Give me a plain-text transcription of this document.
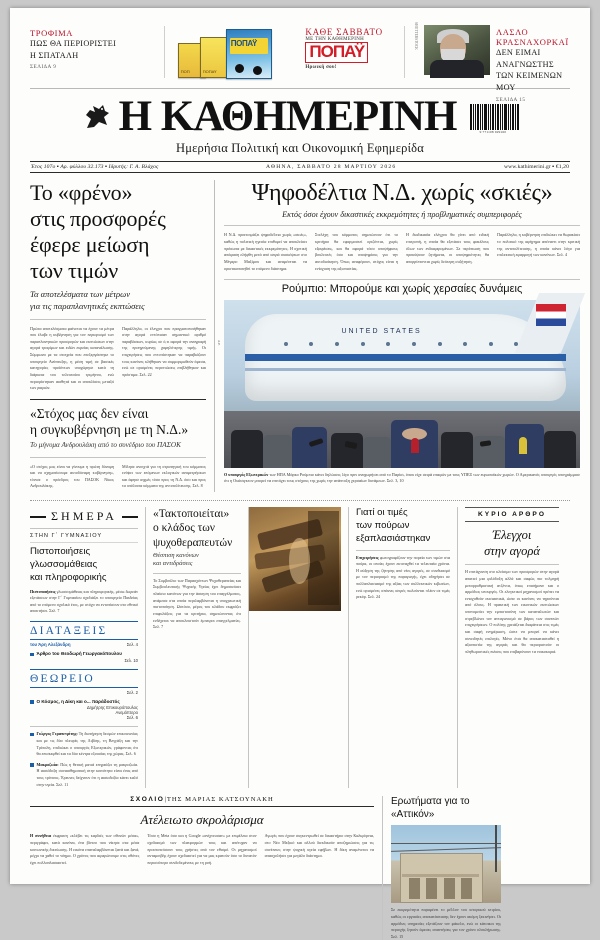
ΤΡΟΦΙΜΑ
ΠΩΣ ΘΑ ΠΕΡΙΟΡΙΣΤΕΙ
Η ΣΠΑΤΑΛΗ
ΣΕΛΙΔΑ 9
ΠΟΠ	ΠΟΠΑΫ
ΠΟΠΑΫ
ΚΑΘΕ ΣΑΒΒΑΤΟ
ΜΕ ΤΗΝ ΚΑΘΗΜΕΡΙΝΗ
ΠΟΠΑΫ
Ηρωική σου!
SHUTTERSTOCK	ΛΑΣΛΟ ΚΡΑΣΝΑΧΟΡΚΑΪ
ΔΕΝ ΕΙΜΑΙ ΑΝΑΓΝΩΣΤΗΣ
ΤΩΝ ΚΕΙΜΕΝΩΝ ΜΟΥ
ΣΕΛΙΔΑ 15
Η ΚΑΘΗΜΕΡΙΝΗ	9 771108 929160
Ημερήσια Πολιτική και Οικονομική Εφημερίδα
Έτος 107ο ▪ Αρ. φύλλου 32.173 ▪ Ιδρυτής: Γ. Α. Βλάχος	ΑΘΗΝΑ, ΣΑΒΒΑΤΟ 28 ΜΑΡΤΙΟΥ 2026	www.kathimerini.gr ▪ €1,20
Το «φρένο»
στις προσφορές
έφερε μείωση
των τιμών
Τα αποτελέσματα των μέτρων
για τις παραπλανητικές εκπτώσεις

Πρώτα αποτελέσματα φαίνεται να έχουν τα μέτρα που έλαβε η κυβέρνηση για τον περιορισμό των παραπλανητικών προσφορών και εκπτώσεων στην αγορά τροφίμων και ειδών ευρείας κατανάλωσης. Σύμφωνα με τα στοιχεία που επεξεργάστηκε το υπουργείο Ανάπτυξης, η μέση τιμή σε βασικές κατηγορίες προϊόντων υποχώρησε κατά τη διάρκεια του τελευταίου τριμήνου, ενώ περιορίστηκαν αισθητά και οι αποκλίσεις μεταξύ των ραφιών.

Παράλληλα, οι έλεγχοι που πραγματοποιήθηκαν στην αγορά εντόπισαν σημαντικό αριθμό παραβάσεων, κυρίως σε ό,τι αφορά την αναγραφή της προηγούμενης χαμηλότερης τιμής. Οι επιχειρήσεις που εντοπίστηκαν να παραβιάζουν τους κανόνες κλήθηκαν να συμμορφωθούν άμεσα, ενώ σε ορισμένες περιπτώσεις επιβλήθηκαν και πρόστιμα. Σελ. 22

«Στόχος μας δεν είναι
η συγκυβέρνηση με τη Ν.Δ.»
Το μήνυμα Ανδρουλάκη από το συνέδριο του ΠΑΣΟΚ

«Ο στόχος μας είναι να γίνουμε η πρώτη δύναμη και να σχηματίσουμε αυτοδύναμη κυβέρνηση», τόνισε ο πρόεδρος του ΠΑΣΟΚ Νίκος Ανδρουλάκης.

Μίλησε ανοιχτά για τη στρατηγική του κόμματος ενόψει των επόμενων εκλογικών αναμετρήσεων και άφησε αιχμές τόσο προς τη Ν.Δ. όσο και προς τα υπόλοιπα κόμματα της αντιπολίτευσης. Σελ. 8

Ψηφοδέλτια Ν.Δ. χωρίς «σκιές»
Εκτός όσοι έχουν δικαστικές εκκρεμότητες ή προβληματικές συμπεριφορές
Η Ν.Δ. προετοιμάζει ψηφοδέλτια χωρίς «σκιές», καθώς η πολιτική ηγεσία επιθυμεί να αποκλείσει πρόσωπα με δικαστικές εκκρεμότητες. Η σχετική απόφαση ελήφθη μετά από σειρά συσκέψεων στο Μέγαρο Μαξίμου και αναμένεται να οριστικοποιηθεί το επόμενο διάστημα.
Στελέχη του κόμματος σημειώνουν ότι το κριτήριο θα εφαρμοστεί οριζόντια, χωρίς εξαιρέσεις, και θα αφορά τόσο υποψήφιους βουλευτές όσο και υποψηφίους για την αυτοδιοίκηση. Όπως αναφέρουν, στόχος είναι η ενίσχυση της αξιοπιστίας.
Η διαδικασία ελέγχου θα γίνει από ειδική επιτροπή, η οποία θα εξετάσει τους φακέλους όλων των ενδιαφερομένων. Σε περίπτωση που προκύψουν ζητήματα, οι υποψηφιότητες θα απορρίπτονται χωρίς δεύτερη συζήτηση.
Παράλληλα, η κυβέρνηση επιδιώκει να θωρακίσει το πολιτικό της αφήγημα απέναντι στην κριτική της αντιπολίτευσης, η οποία κάνει λόγο για επιλεκτική εφαρμογή των κανόνων. Σελ. 4
Ρούμπιο: Μπορούμε και χωρίς χερσαίες δυνάμεις
A.P.
UNITED STATES
Ο υπουργός Εξωτερικών των ΗΠΑ Μάρκο Ρούμπιο κάνει δηλώσεις λίγο πριν αναχωρήσει από το Παρίσι, όπου είχε σειρά επαφών με τους ΥΠΕΞ των ευρωπαϊκών χωρών. Ο Αμερικανός υπουργός υπογράμμισε ότι η Ουάσιγκτον μπορεί να επιτύχει τους στόχους της χωρίς την ανάπτυξη χερσαίων δυνάμεων. Σελ. 3, 10
ΣΗΜΕΡΑ
ΣΤΗΝ Γ΄ ΓΥΜΝΑΣΙΟΥ
Πιστοποιήσεις
γλωσσομάθειας
και πληροφορικής
Πιστοποιήσεις γλωσσομάθειας και πληροφορικής, μέσω δωρεάν εξετάσεων στην Γ΄ Γυμνασίου σχεδιάζει το υπουργείο Παιδείας από το επόμενο σχολικό έτος, με στόχο να εντοπίσουν στο εθνικό αποκτήσει. Σελ. 7
ΔΙΑΤΑΞΕΙΣ
του Άρη Αλεξάνδρη	Σελ. 4
Άρθρο του Θεοδωρή Γεωργακόπουλου
Σελ. 10
ΘΕΩΡΕΙΟ
Σελ. 2
Ο Κόσμος, η Δίκη και ο... παράδοστός
Δημήτρης Επικουρόπουλος
Ανεμόπτερο
Σελ. 6
Γιώργος Γεραπετρίτης: Τη διατήρηση δεσμών επικοινωνίας και με τις δύο πλευρές της Λιβύης, τη Βεγγάζη και την Τρίπολη, επιδιώκει ο υπουργός Εξωτερικών, γράφοντας ότι θα επισκεφθεί και τα δύο κέντρα εξουσίας της χώρας. Σελ. 6
Μακροζωία: Πώς η θετική ματιά επηρεάζει τη μακροζωία. Η αισιόδοξη συναισθηματική στην κοινότητα είναι ένας από τους τρόπους. Έρευνες δείχνουν ότι η αισιοδοξία κάνει καλό στην υγεία. Σελ. 11
«Τακτοποιείται»
ο κλάδος των
ψυχοθεραπευτών
Θέσπιση κανόνων
και αντιδράσεις
Το Συμβούλιο των Παρασχόντων Ψυχοθεραπείας και Συμβουλευτικής Ψυχικής Υγείας έχει δημοσιεύσει πλαίσιο κανόνων για την άσκηση του επαγγέλματος, ανάμεσα στα οποία περιλαμβάνεται η υποχρεωτική πιστοποίηση. Ωστόσο, μέρος του κλάδου εκφράζει επιφυλάξεις για τα κριτήρια, σημειώνοντας ότι ενδέχεται να αποκλειστούν έμπειροι επαγγελματίες. Σελ. 7
Γιατί οι τιμές
των πούρων
εξαπλασιάστηκαν
Επιχειρήσεις φωτογραφίζουν την πορεία των τιμών στα πούρα, οι οποίες έχουν εκτιναχθεί τα τελευταία χρόνια. Η αύξηση της ζήτησης από νέες αγορές, σε συνδυασμό με τον περιορισμό της παραγωγής, έχει οδηγήσει σε πολλαπλασιασμό της αξίας των συλλεκτικών κιβωτίων, ενώ ορισμένες σπάνιες σειρές πωλούνται πλέον σε τιμές ρεκόρ. Σελ. 24
ΚΥΡΙΟ ΑΡΘΡΟ
Έλεγχοι
στην αγορά
Η επιτάχυνση στο κλείσιμο των προσφορών στην αγορά απαιτεί μια φιλόδοξη αλλά και σαφώς πιο τολμηρή μεταρρυθμιστική ατζέντα, όπως επισήμανε και ο αρμόδιος υπουργός. Οι ελεγκτικοί μηχανισμοί πρέπει να ενισχυθούν ουσιαστικά, ώστε οι κανόνες να τηρούνται από όλους. Η πρακτική των εικονικών εκπτώσεων υπονομεύει την εμπιστοσύνη των καταναλωτών και στρεβλώνει τον ανταγωνισμό σε βάρος των συνεπών επιχειρήσεων. Ο πολίτης χρειάζεται διαφάνεια στις τιμές και σαφή ενημέρωση, ώστε να μπορεί να κάνει συνειδητές επιλογές. Μόνο έτσι θα αποκατασταθεί η αξιοπιστία της αγοράς και θα περιοριστούν οι πληθωριστικές πιέσεις που επιβαρύνουν τα νοικοκυριά.
ΣΧΟΛΙΟ|ΤΗΣ ΜΑΡΙΑΣ ΚΑΤΣΟΥΝΑΚΗ
Ατέλειωτο σκρολάρισμα
Η συνήθεια έκφραση «κλέβει τις καρδιές των οθονών μέσα», περιγράφει, κατά κανόνα, ένα βίντεο που νίκησε στα μέσα κοινωνικής δικτύωσης. Η εικόνα επαναλαμβάνεται ξανά και ξανά, μέχρι να χαθεί το νόημα. Ο χρόνος που αφιερώνουμε στις οθόνες έχει πολλαπλασιαστεί.
Τόσο η Meta όσο και η Google «ανίχνευσαν» με επιμέλεια στον σχεδιασμό των πλατφορμών τους και απέτυχαν να προστατεύσουν τους χρήστες από τον εθισμό. Οι μηχανισμοί ανταμοιβής έχουν σχεδιαστεί για να μας κρατούν όσο το δυνατόν περισσότερο συνδεδεμένους με τη ροή.
Αγωγές που έχουν συγκεντρωθεί σε δικαστήριο στην Καλιφόρνια, στο Νέο Μεξικό και αλλού διεκδικούν αποζημιώσεις για τις συνέπειες στην ψυχική υγεία εφήβων. Η δίκη αναμένεται να απασχολήσει για μεγάλο διάστημα.
Ερωτήματα για το «Αττικόν»
Σε εκκρεμότητα παραμένει το μέλλον του ιστορικού κτιρίου, καθώς οι εργασίες αποκατάστασης δεν έχουν ακόμη ξεκινήσει. Οι αρμόδιες υπηρεσίες εξετάζουν τον φάκελο, ενώ οι κάτοικοι της περιοχής ζητούν άμεσες απαντήσεις για τον χρόνο ολοκλήρωσης. Σελ. 15
